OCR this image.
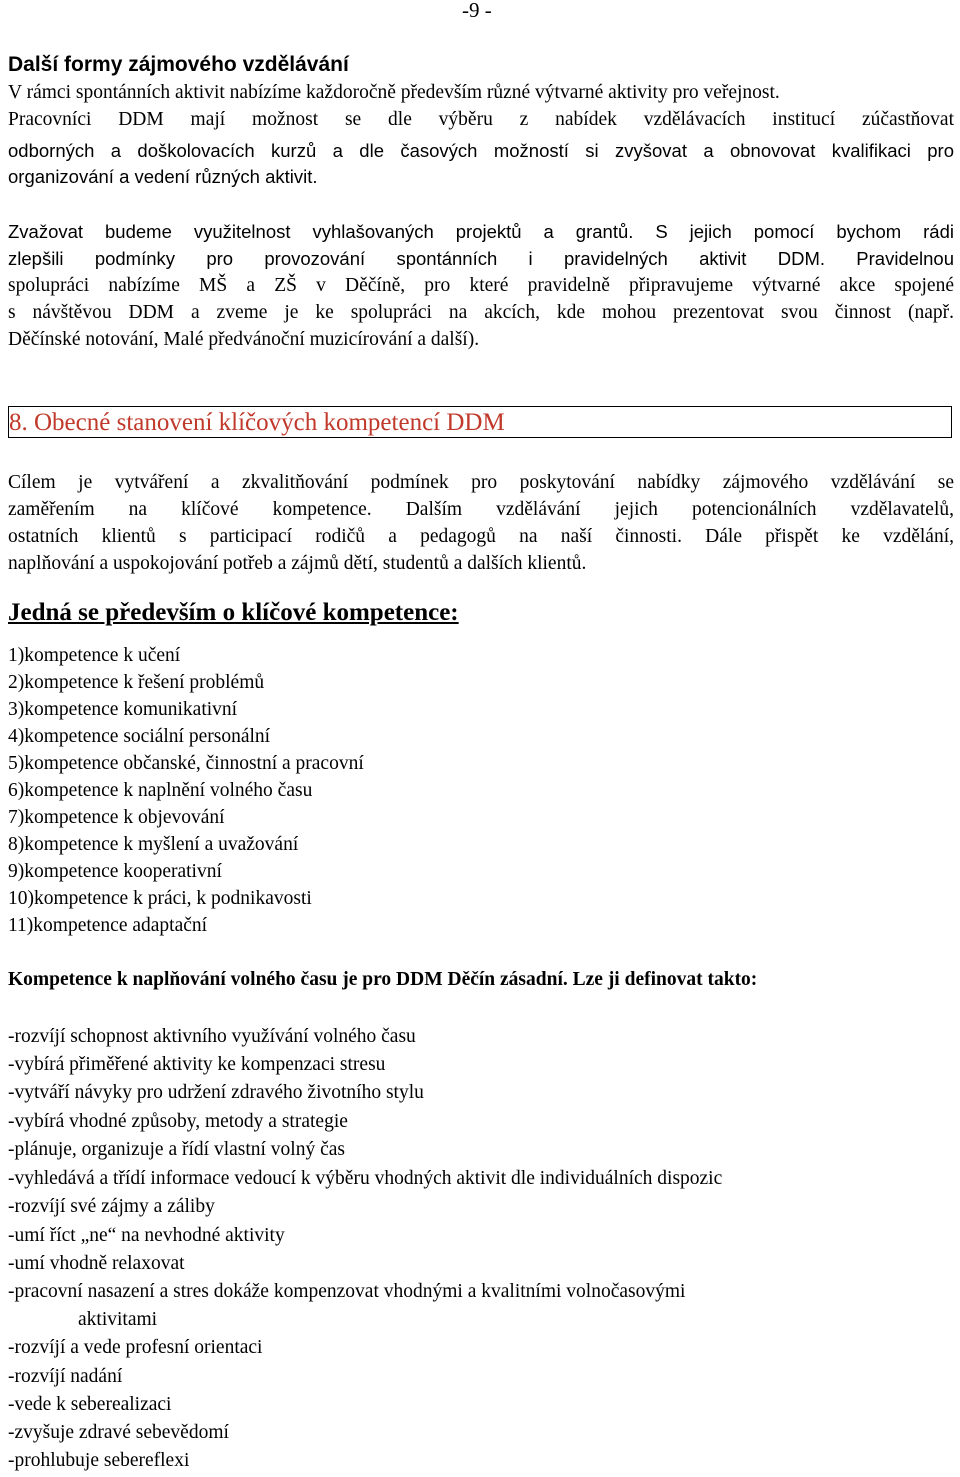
-9 -
Další formy zájmového vzdělávání
V rámci spontánních aktivit nabízíme každoročně především různé výtvarné aktivity pro veřejnost.
Pracovníci DDM mají možnost se dle výběru z nabídek vzdělávacích institucí zúčastňovat
odborných a doškolovacích kurzů a dle časových možností si zvyšovat a obnovovat kvalifikaci pro
organizování a vedení různých aktivit.
Zvažovat budeme využitelnost vyhlašovaných projektů a grantů. S jejich pomocí bychom rádi
zlepšili podmínky pro provozování spontánních i pravidelných aktivit DDM. Pravidelnou
spolupráci nabízíme MŠ a ZŠ v Děčíně, pro které pravidelně připravujeme výtvarné akce spojené
s návštěvou DDM a zveme je ke spolupráci na akcích, kde mohou prezentovat svou činnost (např.
Děčínské notování, Malé předvánoční muzicírování a další).
8. Obecné stanovení klíčových kompetencí DDM
Cílem je vytváření a zkvalitňování podmínek pro poskytování nabídky zájmového vzdělávání se
zaměřením na klíčové kompetence. Dalším vzdělávání jejich potencionálních vzdělavatelů,
ostatních klientů s participací rodičů a pedagogů na naší činnosti. Dále přispět ke vzdělání,
naplňování a uspokojování potřeb a zájmů dětí, studentů a dalších klientů.
Jedná se především o klíčové kompetence:
1)kompetence k učení
2)kompetence k řešení problémů
3)kompetence komunikativní
4)kompetence sociální personální
5)kompetence občanské, činnostní a pracovní
6)kompetence k naplnění volného času
7)kompetence k objevování
8)kompetence k myšlení a uvažování
9)kompetence kooperativní
10)kompetence k práci, k podnikavosti
11)kompetence adaptační
Kompetence k naplňování volného času je pro DDM Děčín zásadní. Lze ji definovat takto:
-rozvíjí schopnost aktivního využívání volného času
-vybírá přiměřené aktivity ke kompenzaci stresu
-vytváří návyky pro udržení zdravého životního stylu
-vybírá vhodné způsoby, metody a strategie
-plánuje, organizuje a řídí vlastní volný čas
-vyhledává a třídí informace vedoucí k výběru vhodných aktivit dle individuálních dispozic
-rozvíjí své zájmy a záliby
-umí říct „ne“ na nevhodné aktivity
-umí vhodně relaxovat
-pracovní nasazení a stres dokáže kompenzovat vhodnými a kvalitními volnočasovými
aktivitami
-rozvíjí a vede profesní orientaci
-rozvíjí nadání
-vede k seberealizaci
-zvyšuje zdravé sebevědomí
-prohlubuje sebereflexi
